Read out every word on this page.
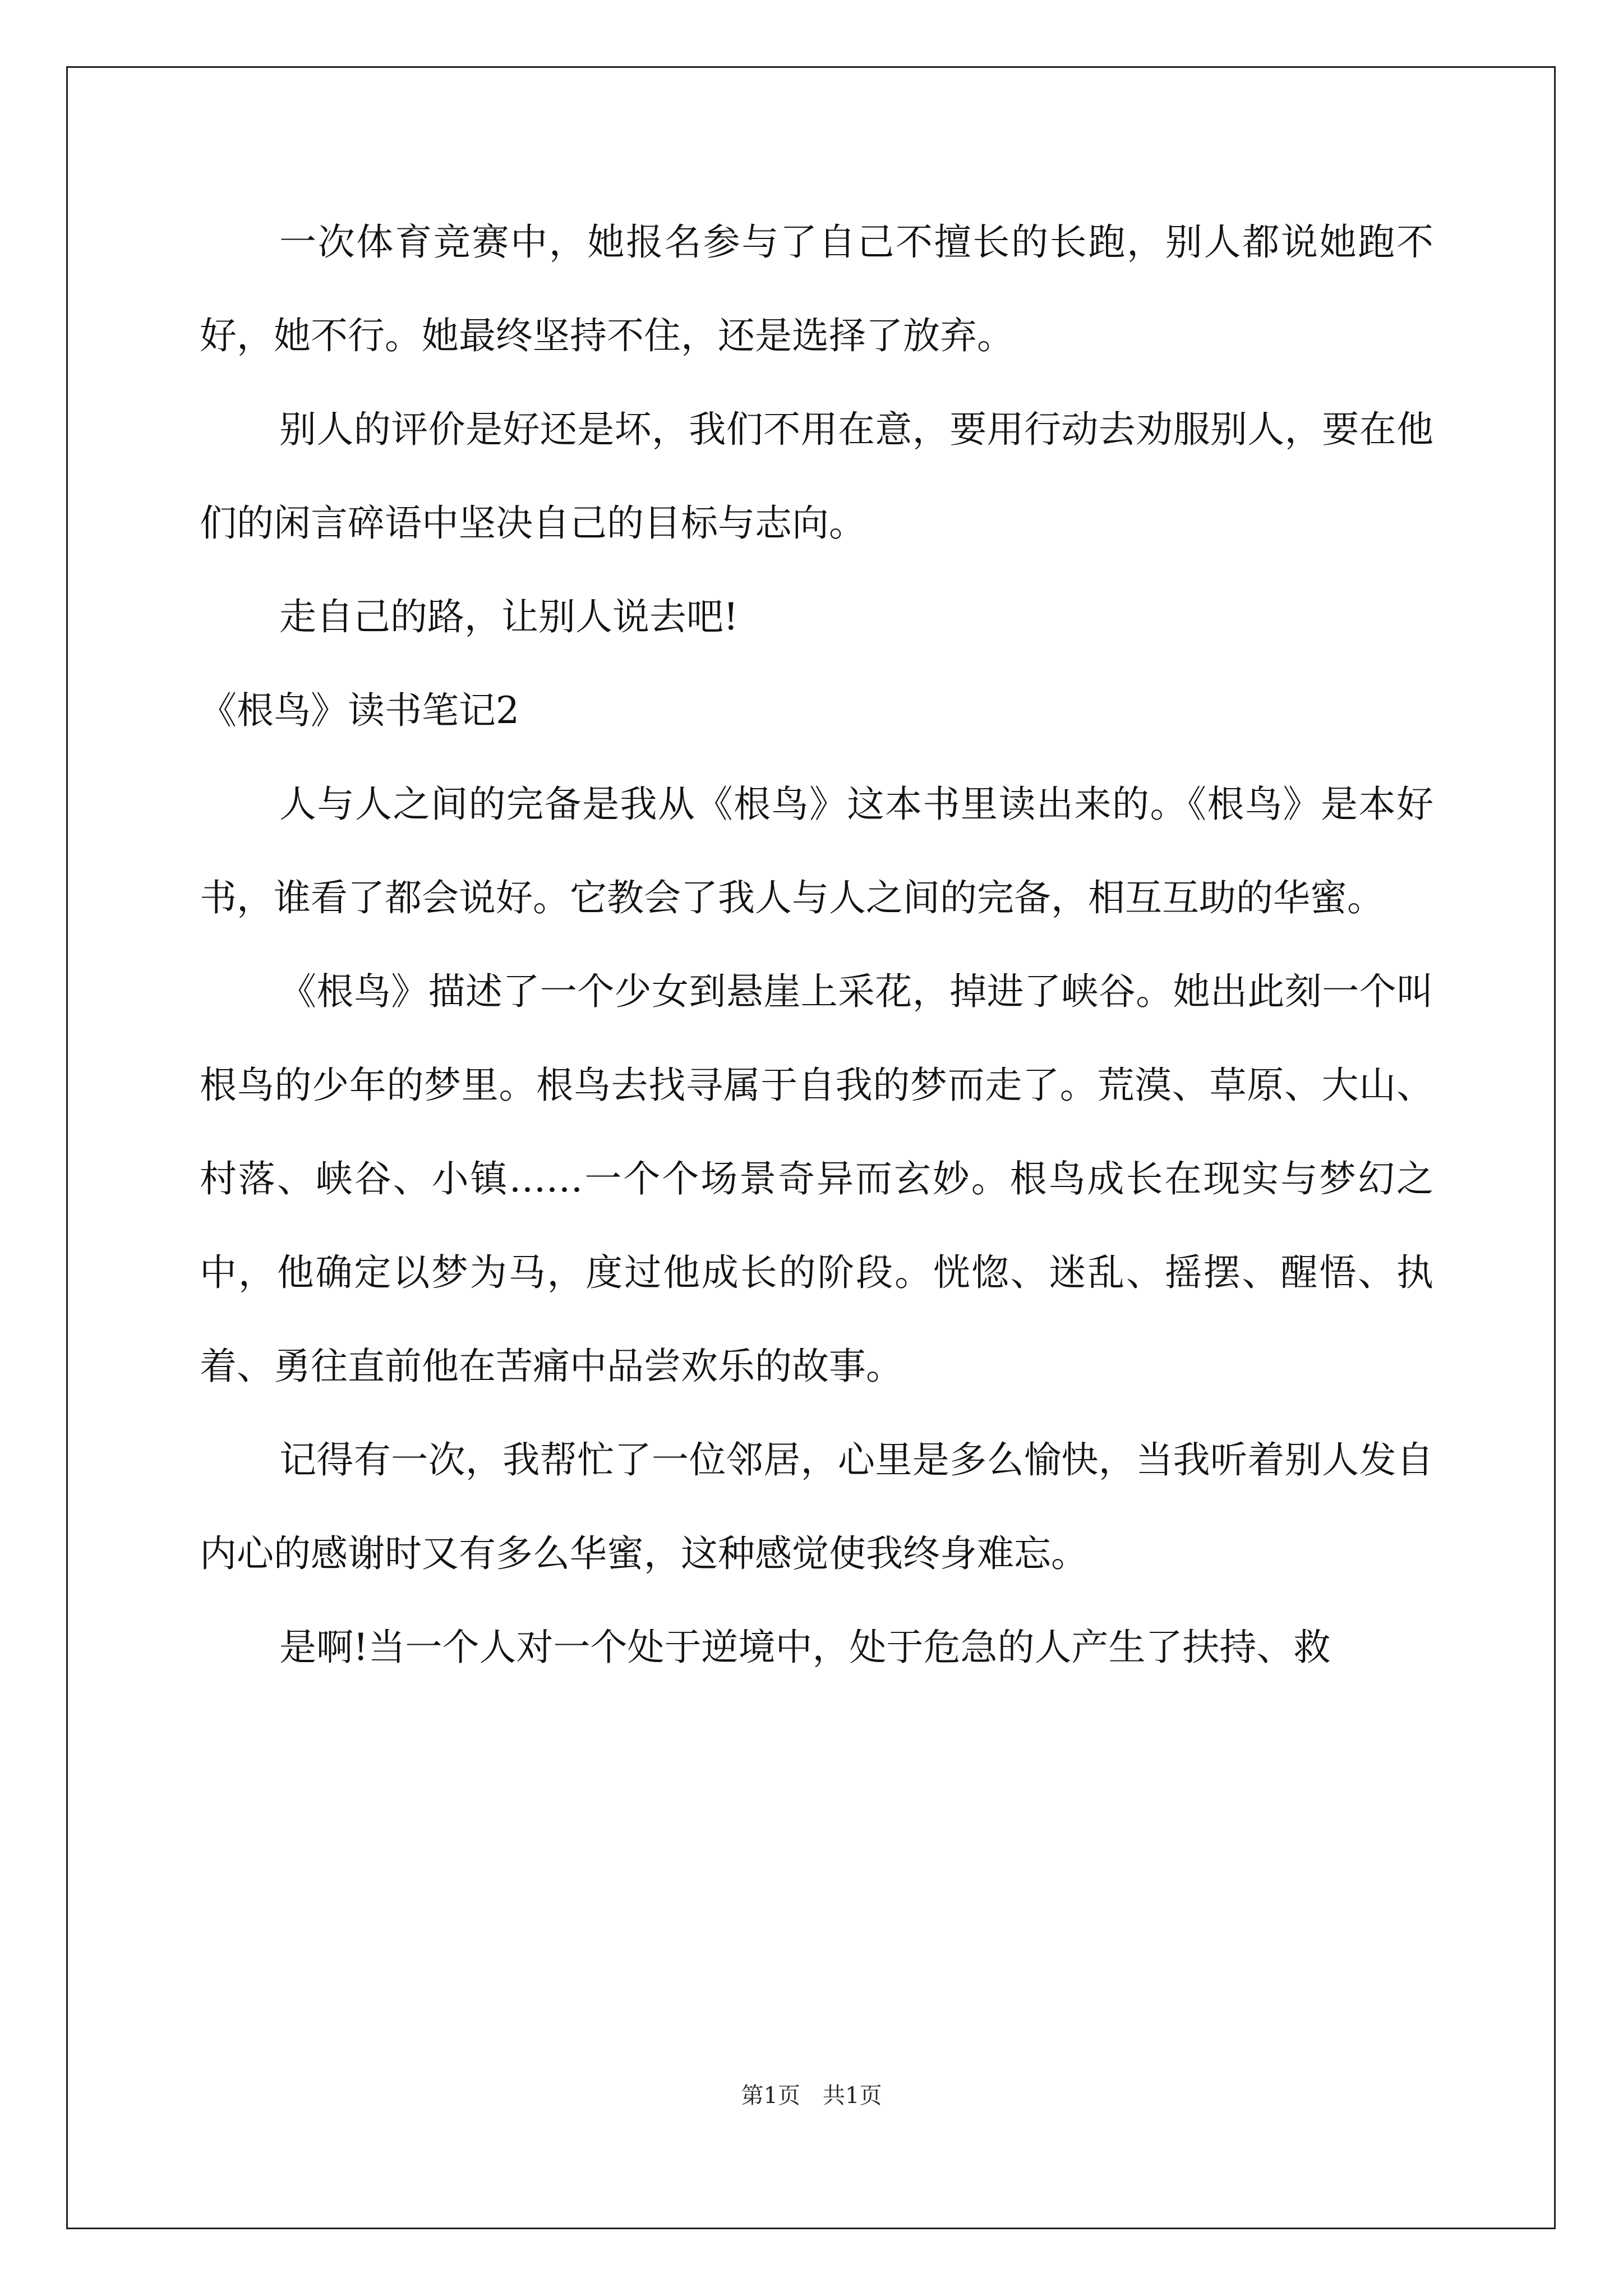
一次体育竞赛中，她报名参与了自己不擅长的长跑，别人都说她跑不好，她不行。她最终坚持不住，还是选择了放弃。

别人的评价是好还是坏，我们不用在意，要用行动去劝服别人，要在他们的闲言碎语中坚决自己的目标与志向。

走自己的路，让别人说去吧!

《根鸟》读书笔记2

人与人之间的完备是我从《根鸟》这本书里读出来的。《根鸟》是本好书，谁看了都会说好。它教会了我人与人之间的完备，相互互助的华蜜。

《根鸟》描述了一个少女到悬崖上采花，掉进了峡谷。她出此刻一个叫根鸟的少年的梦里。根鸟去找寻属于自我的梦而走了。荒漠、草原、大山、村落、峡谷、小镇……一个个场景奇异而玄妙。根鸟成长在现实与梦幻之中，他确定以梦为马，度过他成长的阶段。恍惚、迷乱、摇摆、醒悟、执着、勇往直前他在苦痛中品尝欢乐的故事。

记得有一次，我帮忙了一位邻居，心里是多么愉快，当我听着别人发自内心的感谢时又有多么华蜜，这种感觉使我终身难忘。

是啊!当一个人对一个处于逆境中，处于危急的人产生了扶持、救

第1页　共1页
